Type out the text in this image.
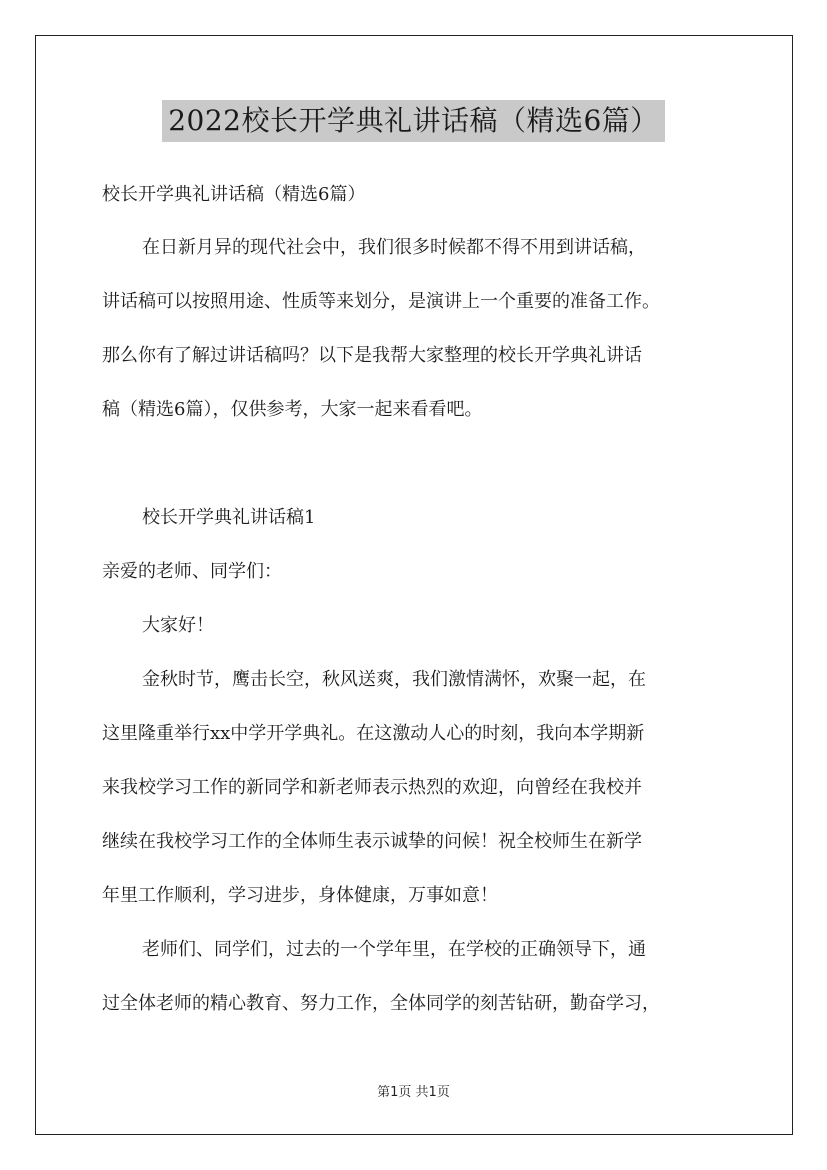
2022校长开学典礼讲话稿（精选6篇）
校长开学典礼讲话稿（精选6篇）
在日新月异的现代社会中，我们很多时候都不得不用到讲话稿，
讲话稿可以按照用途、性质等来划分，是演讲上一个重要的准备工作。
那么你有了解过讲话稿吗？以下是我帮大家整理的校长开学典礼讲话
稿（精选6篇），仅供参考，大家一起来看看吧。
校长开学典礼讲话稿1
亲爱的老师、同学们：
大家好！
金秋时节，鹰击长空，秋风送爽，我们激情满怀，欢聚一起，在
这里隆重举行xx中学开学典礼。在这激动人心的时刻，我向本学期新
来我校学习工作的新同学和新老师表示热烈的欢迎，向曾经在我校并
继续在我校学习工作的全体师生表示诚挚的问候！祝全校师生在新学
年里工作顺利，学习进步，身体健康，万事如意！
老师们、同学们，过去的一个学年里，在学校的正确领导下，通
过全体老师的精心教育、努力工作，全体同学的刻苦钻研，勤奋学习，
第1页 共1页
